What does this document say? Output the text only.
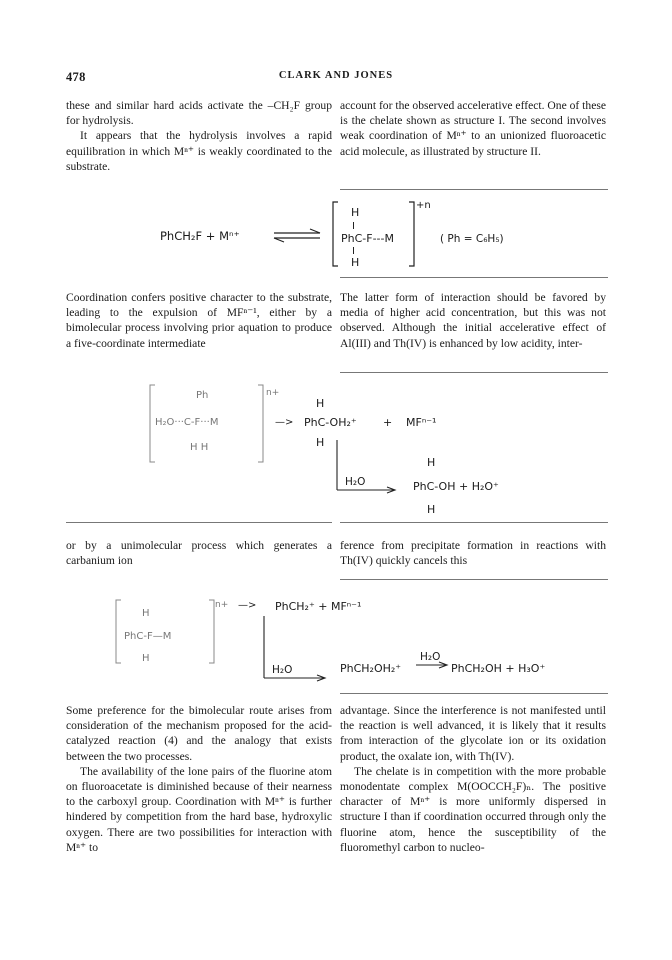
478	CLARK AND JONES

these and similar hard acids activate the –CH₂F group for hydrolysis.

It appears that the hydrolysis involves a rapid equilibration in which Mⁿ⁺ is weakly coordinated to the substrate.

account for the observed accelerative effect. One of these is the chelate shown as structure I. The second involves weak coordination of Mⁿ⁺ to an unionized fluoroacetic acid molecule, as illustrated by structure II.

PhCH₂F + Mⁿ⁺
+n
H
I
PhC-F---M
I
H
( Ph = C₆H₅)

Coordination confers positive character to the substrate, leading to the expulsion of MFⁿ⁻¹, either by a bimolecular process involving prior aquation to produce a five-coordinate intermediate

The latter form of interaction should be favored by media of higher acid concentration, but this was not observed. Although the initial accelerative effect of Al(III) and Th(IV) is enhanced by low acidity, inter-

Ph	n+
H₂O···C-F···M
H H
—>
H
PhC-OH₂⁺
H
+ MFⁿ⁻¹
H₂O
H
PhC-OH + H₂O⁺
H

or by a unimolecular process which generates a carbanium ion

ference from precipitate formation in reactions with Th(IV) quickly cancels this

n+
H
PhC-F—M
H
—> PhCH₂⁺ + MFⁿ⁻¹
H₂O	PhCH₂OH₂⁺
H₂O
PhCH₂OH + H₃O⁺

Some preference for the bimolecular route arises from consideration of the mechanism proposed for the acid-catalyzed reaction (4) and the analogy that exists between the two processes.

The availability of the lone pairs of the fluorine atom on fluoroacetate is diminished because of their nearness to the carboxyl group. Coordination with Mⁿ⁺ is further hindered by competition from the hard base, hydroxylic oxygen. There are two possibilities for interaction with Mⁿ⁺ to

advantage. Since the interference is not manifested until the reaction is well advanced, it is likely that it results from interaction of the glycolate ion or its oxidation product, the oxalate ion, with Th(IV).

The chelate is in competition with the more probable monodentate complex M(OOCCH₂F)ₙ. The positive character of Mⁿ⁺ is more uniformly dispersed in structure I than if coordination occurred through only the fluorine atom, hence the susceptibility of the fluoromethyl carbon to nucleo-
